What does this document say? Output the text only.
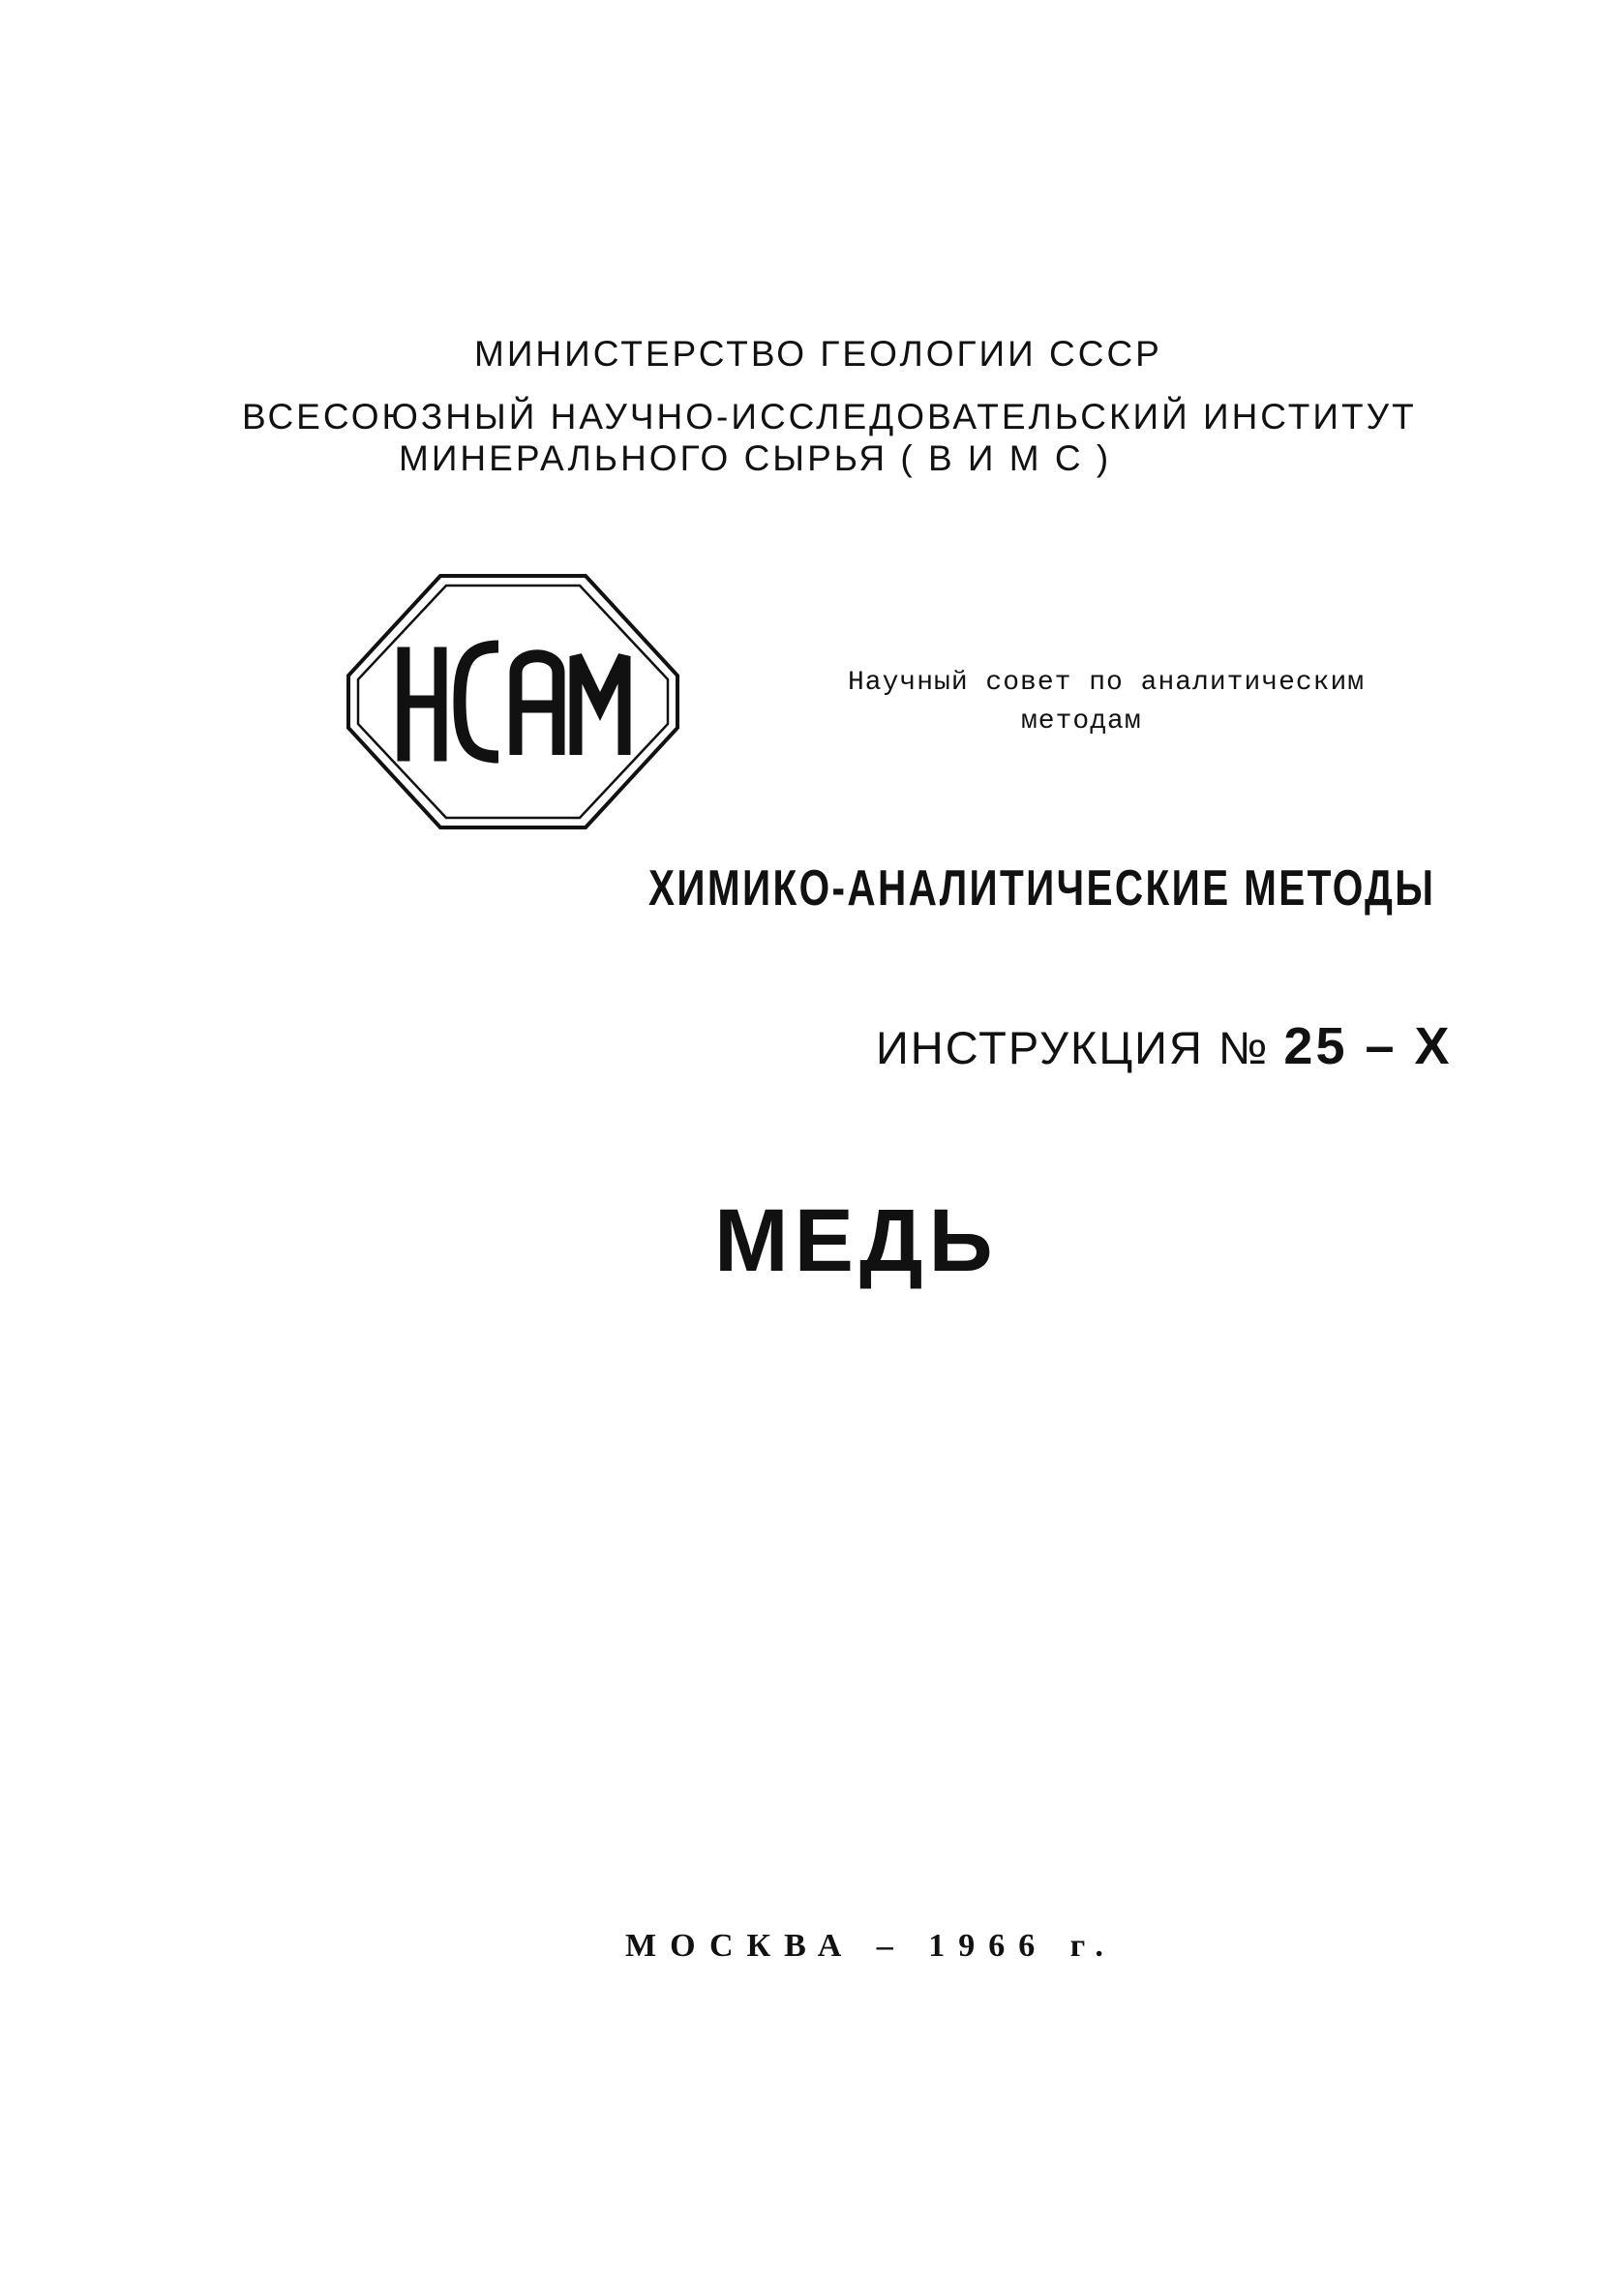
МИНИСТЕРСТВО ГЕОЛОГИИ СССР
ВСЕСОЮЗНЫЙ НАУЧНО-ИССЛЕДОВАТЕЛЬСКИЙ ИНСТИТУТ
МИНЕРАЛЬНОГО СЫРЬЯ ( В И М С )
Научный совет по аналитическим
методам
ХИМИКО-АНАЛИТИЧЕСКИЕ МЕТОДЫ
ИНСТРУКЦИЯ № 25 – Х
МЕДЬ
МОСКВА – 1966 г.
